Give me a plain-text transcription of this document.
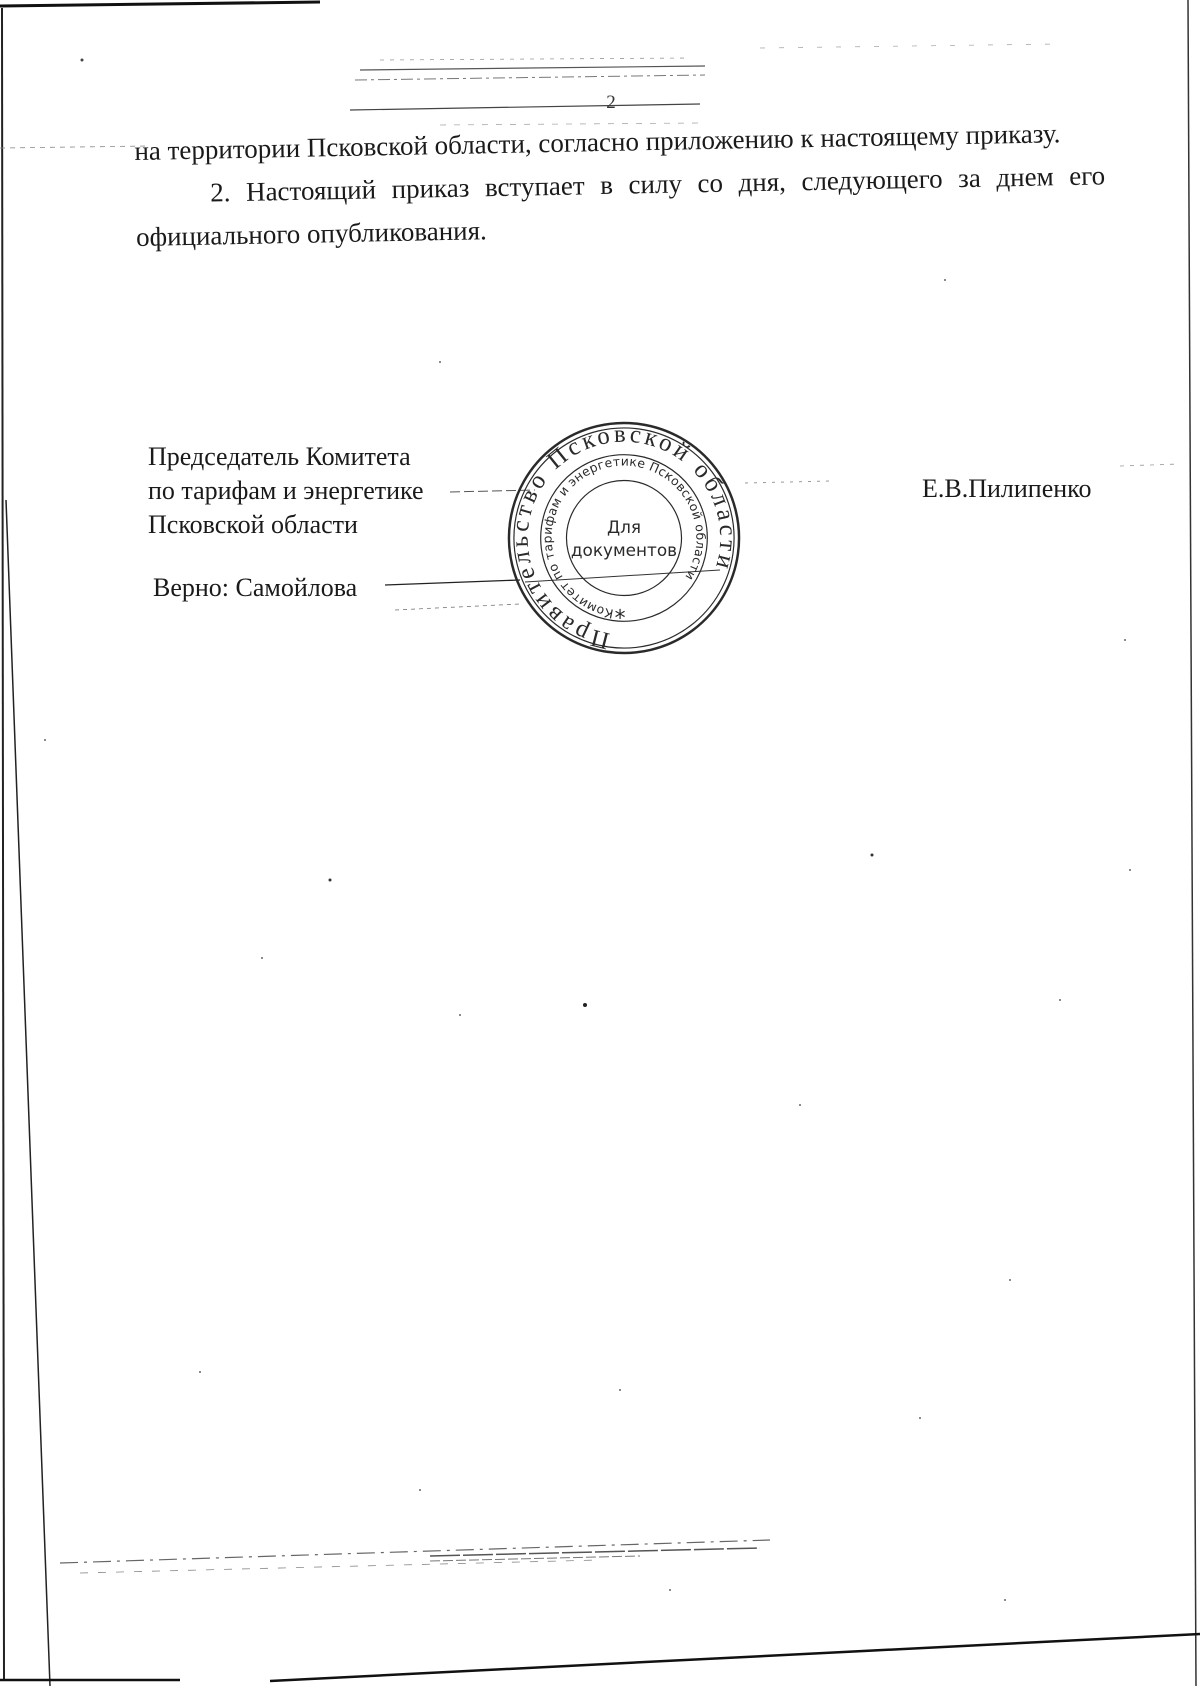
2

на территории Псковской области, согласно приложению к настоящему приказу.

2. Настоящий приказ вступает в силу со дня, следующего за днем его официального опубликования.

Председатель Комитета
по тарифам и энергетике
Псковской области
Е.В.Пилипенко
Верно: Самойлова
Правительство Псковской области
Комитет по тарифам и энергетике Псковской области
Для
документов
*
